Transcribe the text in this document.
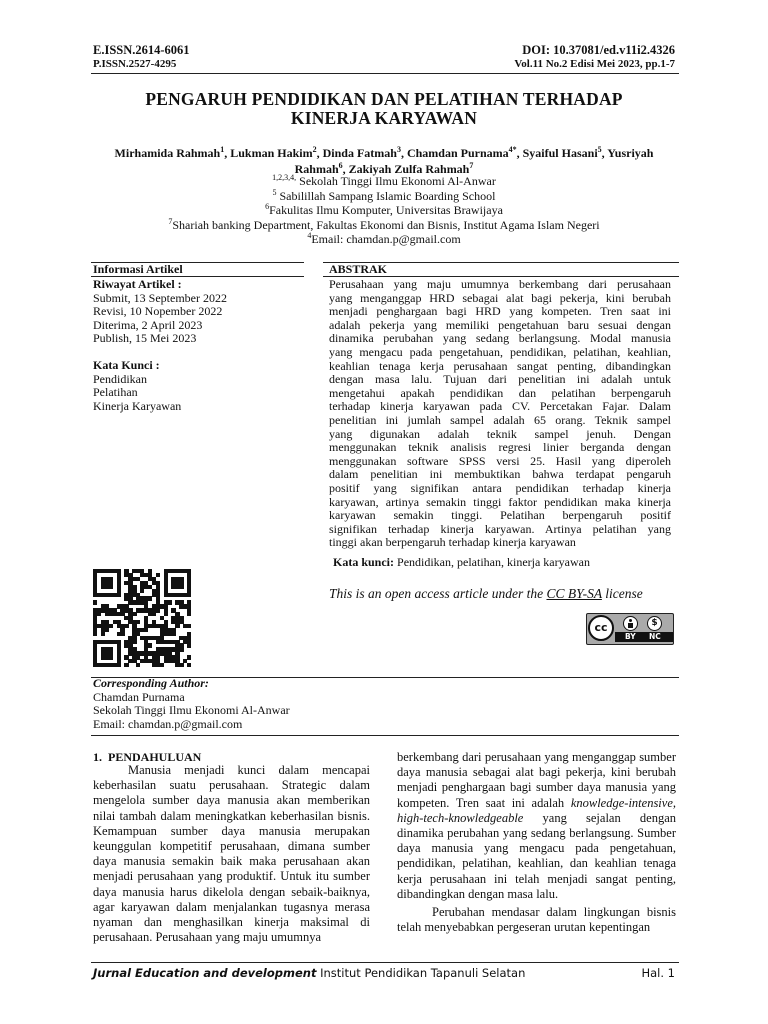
E.ISSN.2614-6061
P.ISSN.2527-4295
DOI: 10.37081/ed.v11i2.4326
Vol.11 No.2 Edisi Mei 2023, pp.1-7
PENGARUH PENDIDIKAN DAN PELATIHAN TERHADAP
KINERJA KARYAWAN
Mirhamida Rahmah$^1$, Lukman Hakim$^2$, Dinda Fatmah$^3$, Chamdan Purnama$^{4*}$, Syaiful Hasani$^5$, Yusriyah
Rahmah$^6$, Zakiyah Zulfa Rahmah$^7$
$^{1,2,3,4,}$ Sekolah Tinggi Ilmu Ekonomi Al-Anwar
$^5$ Sabilillah Sampang Islamic Boarding School
$^6$Fakulitas Ilmu Komputer, Universitas Brawijaya
$^7$Shariah banking Department, Fakultas Ekonomi dan Bisnis, Institut Agama Islam Negeri
$^4$Email: chamdan.p@gmail.com
Informasi Artikel
Riwayat Artikel :
Submit, 13 September 2022
Revisi, 10 Nopember 2022
Diterima, 2 April 2023
Publish, 15 Mei 2023
Kata Kunci :
Pendidikan
Pelatihan
Kinerja Karyawan
ABSTRAK
Perusahaan yang maju umumnya berkembang dari perusahaan
yang menganggap HRD sebagai alat bagi pekerja, kini berubah
menjadi penghargaan bagi HRD yang kompeten. Tren saat ini
adalah pekerja yang memiliki pengetahuan baru sesuai dengan
dinamika perubahan yang sedang berlangsung. Modal manusia
yang mengacu pada pengetahuan, pendidikan, pelatihan, keahlian,
keahlian tenaga kerja perusahaan sangat penting, dibandingkan
dengan masa lalu. Tujuan dari penelitian ini adalah untuk
mengetahui apakah pendidikan dan pelatihan berpengaruh
terhadap kinerja karyawan pada CV. Percetakan Fajar. Dalam
penelitian ini jumlah sampel adalah 65 orang. Teknik sampel
yang digunakan adalah teknik sampel jenuh. Dengan
menggunakan teknik analisis regresi linier berganda dengan
menggunakan software SPSS versi 25. Hasil yang diperoleh
dalam penelitian ini membuktikan bahwa terdapat pengaruh
positif yang signifikan antara pendidikan terhadap kinerja
karyawan, artinya semakin tinggi faktor pendidikan maka kinerja
karyawan semakin tinggi. Pelatihan berpengaruh positif
signifikan terhadap kinerja karyawan. Artinya pelatihan yang
tinggi akan berpengaruh terhadap kinerja karyawan
Kata kunci: Pendidikan, pelatihan, kinerja karyawan
This is an open access article under the CC BY-SA license
cc	$
BY NC
Corresponding Author:
Chamdan Purnama
Sekolah Tinggi Ilmu Ekonomi Al-Anwar
Email: chamdan.p@gmail.com
1.  PENDAHULUAN

Manusia menjadi kunci dalam mencapai keberhasilan suatu perusahaan. Strategic dalam mengelola sumber daya manusia akan memberikan nilai tambah dalam meningkatkan keberhasilan bisnis. Kemampuan sumber daya manusia merupakan keunggulan kompetitif perusahaan, dimana sumber daya manusia semakin baik maka perusahaan akan menjadi perusahaan yang produktif. Untuk itu sumber daya manusia harus dikelola dengan sebaik-baiknya, agar karyawan dalam menjalankan tugasnya merasa nyaman dan menghasilkan kinerja maksimal di perusahaan. Perusahaan yang maju umumnya

berkembang dari perusahaan yang menganggap sumber daya manusia sebagai alat bagi pekerja, kini berubah menjadi penghargaan bagi sumber daya manusia yang kompeten. Tren saat ini adalah knowledge-intensive, high-tech-knowledgeable yang sejalan dengan dinamika perubahan yang sedang berlangsung. Sumber daya manusia yang mengacu pada pengetahuan, pendidikan, pelatihan, keahlian, dan keahlian tenaga kerja perusahaan ini telah menjadi sangat penting, dibandingkan dengan masa lalu.

Perubahan mendasar dalam lingkungan bisnis telah menyebabkan pergeseran urutan kepentingan

Jurnal Education and development Institut Pendidikan Tapanuli Selatan	Hal. 1
